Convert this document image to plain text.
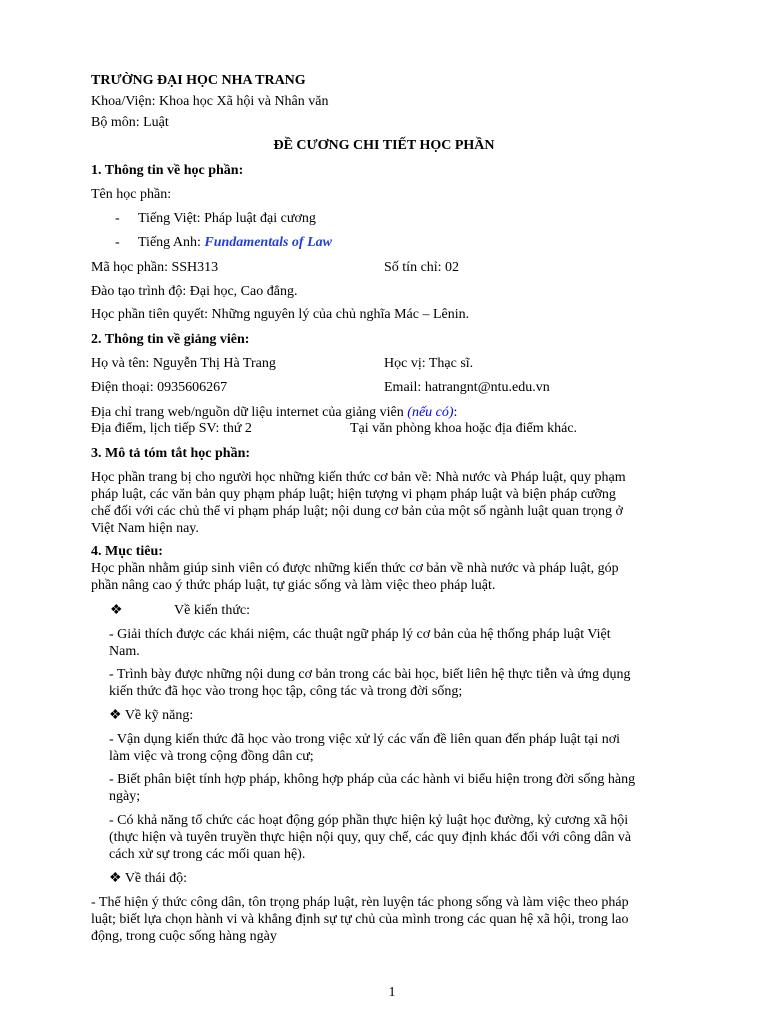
TRƯỜNG ĐẠI HỌC NHA TRANG
Khoa/Viện: Khoa học Xã hội và Nhân văn
Bộ môn: Luật
ĐỀ CƯƠNG CHI TIẾT HỌC PHẦN
1. Thông tin về học phần:
Tên học phần:
- Tiếng Việt: Pháp luật đại cương
- Tiếng Anh: Fundamentals of Law
Mã học phần: SSH313	Số tín chỉ: 02
Đào tạo trình độ: Đại học, Cao đẳng.
Học phần tiên quyết: Những nguyên lý của chủ nghĩa Mác – Lênin.
2. Thông tin về giảng viên:
Họ và tên: Nguyễn Thị Hà Trang	Học vị: Thạc sĩ.
Điện thoại: 0935606267	Email: hatrangnt@ntu.edu.vn
Địa chỉ trang web/nguồn dữ liệu internet của giảng viên (nếu có):
Địa điểm, lịch tiếp SV: thứ 2	Tại văn phòng khoa hoặc địa điểm khác.
3. Mô tả tóm tắt học phần:
Học phần trang bị cho người học những kiến thức cơ bản về: Nhà nước và Pháp luật, quy phạm
pháp luật, các văn bản quy phạm pháp luật; hiện tượng vi phạm pháp luật và biện pháp cưỡng
chế đối với các chủ thể vi phạm pháp luật; nội dung cơ bản của một số ngành luật quan trọng ở
Việt Nam hiện nay.
4. Mục tiêu:
Học phần nhằm giúp sinh viên có được những kiến thức cơ bản về nhà nước và pháp luật, góp
phần nâng cao ý thức pháp luật, tự giác sống và làm việc theo pháp luật.
❖	Về kiến thức:
- Giải thích được các khái niệm, các thuật ngữ pháp lý cơ bản của hệ thống pháp luật Việt
Nam.
- Trình bày được những nội dung cơ bản trong các bài học, biết liên hệ thực tiễn và ứng dụng
kiến thức đã học vào trong học tập, công tác và trong đời sống;
❖ Về kỹ năng:
- Vận dụng kiến thức đã học vào trong việc xử lý các vấn đề liên quan đến pháp luật tại nơi
làm việc và trong cộng đồng dân cư;
- Biết phân biệt tính hợp pháp, không hợp pháp của các hành vi biểu hiện trong đời sống hàng
ngày;
- Có khả năng tổ chức các hoạt động góp phần thực hiện kỷ luật học đường, kỷ cương xã hội
(thực hiện và tuyên truyền thực hiện nội quy, quy chế, các quy định khác đối với công dân và
cách xử sự trong các mối quan hệ).
❖ Về thái độ:
- Thể hiện ý thức công dân, tôn trọng pháp luật, rèn luyện tác phong sống và làm việc theo pháp
luật; biết lựa chọn hành vi và khẳng định sự tự chủ của mình trong các quan hệ xã hội, trong lao
động, trong cuộc sống hàng ngày
1
